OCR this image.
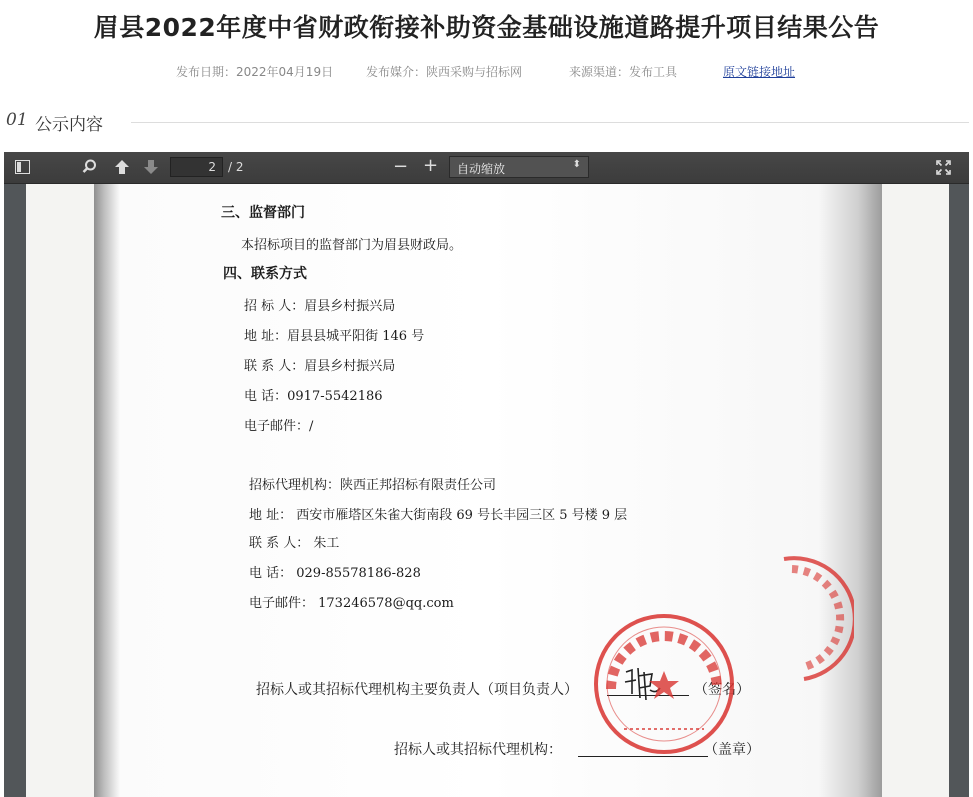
眉县2022年度中省财政衔接补助资金基础设施道路提升项目结果公告
发布日期：2022年04月19日	发布媒介：陕西采购与招标网	来源渠道：发布工具	原文链接地址
01 公示内容
2	/ 2	− +	自动缩放	⬍
三、监督部门
本招标项目的监督部门为眉县财政局。
四、联系方式
招 标 人：眉县乡村振兴局
地 址：眉县县城平阳街 146 号
联 系 人：眉县乡村振兴局
电 话：0917-5542186
电子邮件：/
招标代理机构：陕西正邦招标有限责任公司
地 址： 西安市雁塔区朱雀大街南段 69 号长丰园三区 5 号楼 9 层
联 系 人： 朱工
电 话： 029-85578186-828
电子邮件： 173246578@qq.com
招标人或其招标代理机构主要负责人（项目负责人）	（签名）
招标人或其招标代理机构：	（盖章）
